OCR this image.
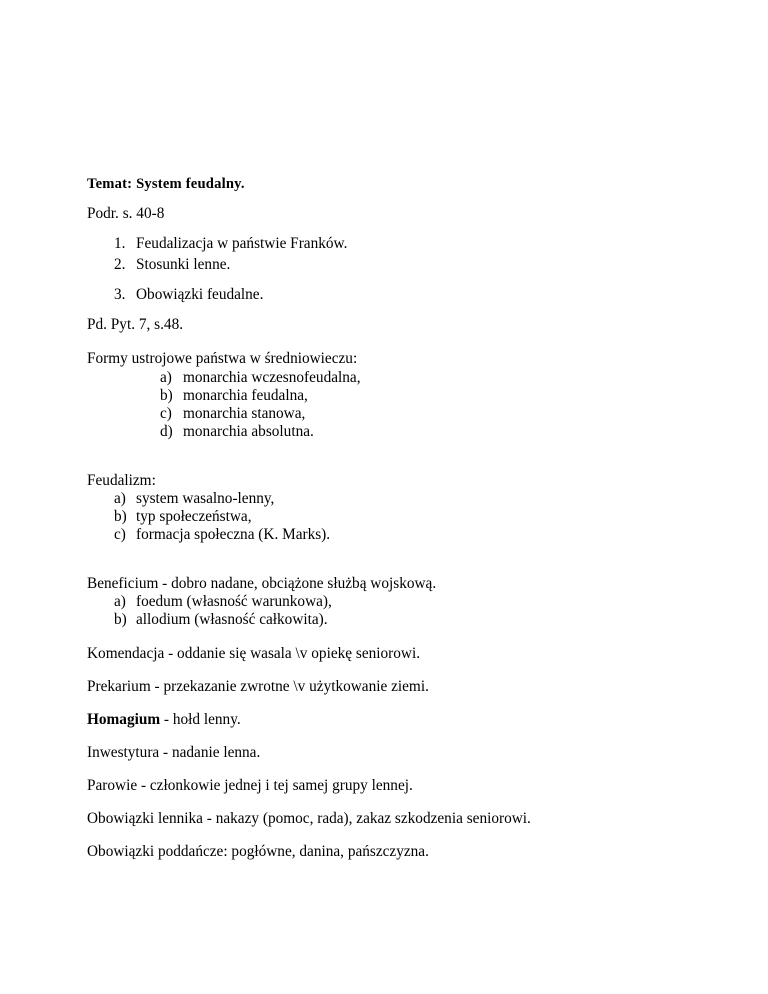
Temat: System feudalny.
Podr. s. 40-8
1. Feudalizacja w państwie Franków.
2. Stosunki lenne.
3. Obowiązki feudalne.
Pd. Pyt. 7, s.48.
Formy ustrojowe państwa w średniowieczu:
a) monarchia wczesnofeudalna,
b) monarchia feudalna,
c) monarchia stanowa,
d) monarchia absolutna.
Feudalizm:
a) system wasalno-lenny,
b) typ społeczeństwa,
c) formacja społeczna (K. Marks).
Beneficium - dobro nadane, obciążone służbą wojskową.
a) foedum (własność warunkowa),
b) allodium (własność całkowita).
Komendacja - oddanie się wasala \v opiekę seniorowi.
Prekarium - przekazanie zwrotne \v użytkowanie ziemi.
Homagium - hołd lenny.
Inwestytura - nadanie lenna.
Parowie - członkowie jednej i tej samej grupy lennej.
Obowiązki lennika - nakazy (pomoc, rada), zakaz szkodzenia seniorowi.
Obowiązki poddańcze: pogłówne, danina, pańszczyzna.
